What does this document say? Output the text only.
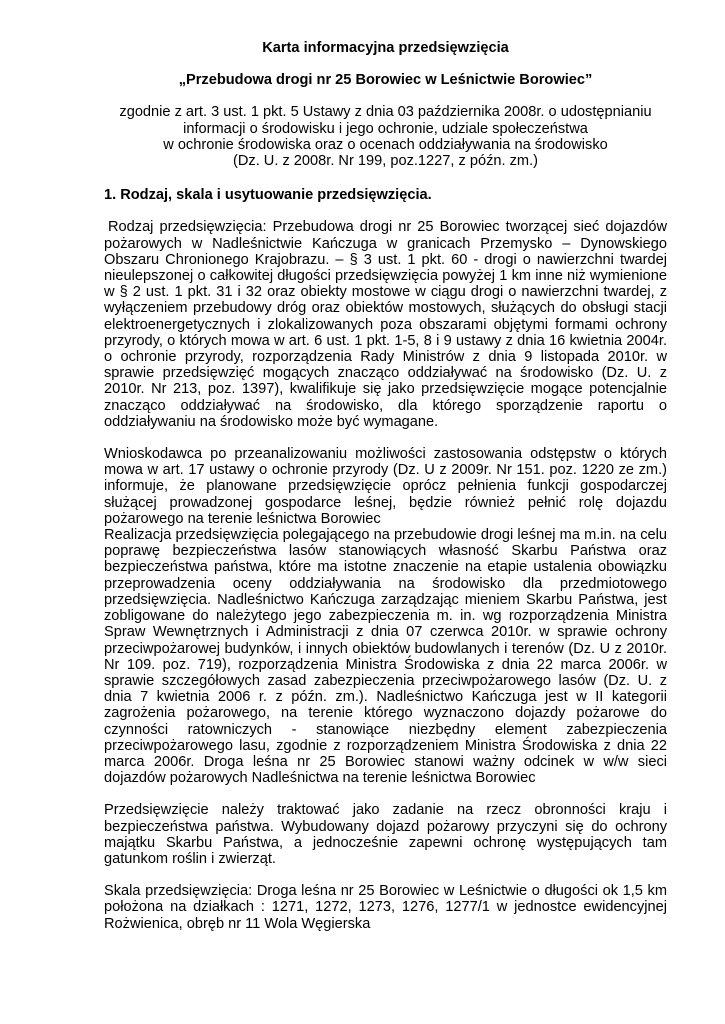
Karta informacyjna przedsięwzięcia

„Przebudowa drogi nr 25 Borowiec w Leśnictwie Borowiec”

zgodnie z art. 3 ust. 1 pkt. 5 Ustawy z dnia 03 października 2008r. o udostępnianiu
informacji o środowisku i jego ochronie, udziale społeczeństwa
w ochronie środowiska oraz o ocenach oddziaływania na środowisko
(Dz. U. z 2008r. Nr 199, poz.1227, z późn. zm.)

1. Rodzaj, skala i usytuowanie przedsięwzięcia.

Rodzaj przedsięwzięcia: Przebudowa drogi nr 25 Borowiec tworzącej sieć dojazdów pożarowych w Nadleśnictwie Kańczuga w granicach Przemysko – Dynowskiego Obszaru Chronionego Krajobrazu. – § 3 ust. 1 pkt. 60 - drogi o nawierzchni twardej nieulepszonej o całkowitej długości przedsięwzięcia powyżej 1 km inne niż wymienione w § 2 ust. 1 pkt. 31 i 32 oraz obiekty mostowe w ciągu drogi o nawierzchni twardej, z wyłączeniem przebudowy dróg oraz obiektów mostowych, służących do obsługi stacji elektroenergetycznych i zlokalizowanych poza obszarami objętymi formami ochrony przyrody, o których mowa w art. 6 ust. 1 pkt. 1-5, 8 i 9 ustawy z dnia 16 kwietnia 2004r. o ochronie przyrody, rozporządzenia Rady Ministrów z dnia 9 listopada 2010r. w sprawie przedsięwzięć mogących znacząco oddziaływać na środowisko (Dz. U. z 2010r. Nr 213, poz. 1397), kwalifikuje się jako przedsięwzięcie mogące potencjalnie znacząco oddziaływać na środowisko, dla którego sporządzenie raportu o oddziaływaniu na środowisko może być wymagane.

Wnioskodawca po przeanalizowaniu możliwości zastosowania odstępstw o których mowa w art. 17 ustawy o ochronie przyrody (Dz. U z 2009r. Nr 151. poz. 1220 ze zm.) informuje, że planowane przedsięwzięcie oprócz pełnienia funkcji gospodarczej służącej prowadzonej gospodarce leśnej, będzie również pełnić rolę dojazdu pożarowego na terenie leśnictwa Borowiec

Realizacja przedsięwzięcia polegającego na przebudowie drogi leśnej ma m.in. na celu poprawę bezpieczeństwa lasów stanowiących własność Skarbu Państwa oraz bezpieczeństwa państwa, które ma istotne znaczenie na etapie ustalenia obowiązku przeprowadzenia oceny oddziaływania na środowisko dla przedmiotowego przedsięwzięcia. Nadleśnictwo Kańczuga zarządzając mieniem Skarbu Państwa, jest zobligowane do należytego jego zabezpieczenia m. in. wg rozporządzenia Ministra Spraw Wewnętrznych i Administracji z dnia 07 czerwca 2010r. w sprawie ochrony przeciwpożarowej budynków, i innych obiektów budowlanych i terenów (Dz. U z 2010r. Nr 109. poz. 719), rozporządzenia Ministra Środowiska z dnia 22 marca 2006r. w sprawie szczegółowych zasad zabezpieczenia przeciwpożarowego lasów (Dz. U. z dnia 7 kwietnia 2006 r. z późn. zm.). Nadleśnictwo Kańczuga jest w II kategorii zagrożenia pożarowego, na terenie którego wyznaczono dojazdy pożarowe do czynności ratowniczych - stanowiące niezbędny element zabezpieczenia przeciwpożarowego lasu, zgodnie z rozporządzeniem Ministra Środowiska z dnia 22 marca 2006r. Droga leśna nr 25 Borowiec stanowi ważny odcinek w w/w sieci dojazdów pożarowych Nadleśnictwa na terenie leśnictwa Borowiec

Przedsięwzięcie należy traktować jako zadanie na rzecz obronności kraju i bezpieczeństwa państwa. Wybudowany dojazd pożarowy przyczyni się do ochrony majątku Skarbu Państwa, a jednocześnie zapewni ochronę występujących tam gatunkom roślin i zwierząt.

Skala przedsięwzięcia: Droga leśna nr 25 Borowiec w Leśnictwie o długości ok 1,5 km położona na działkach : 1271, 1272, 1273, 1276, 1277/1 w jednostce ewidencyjnej Rożwienica, obręb nr 11 Wola Węgierska
